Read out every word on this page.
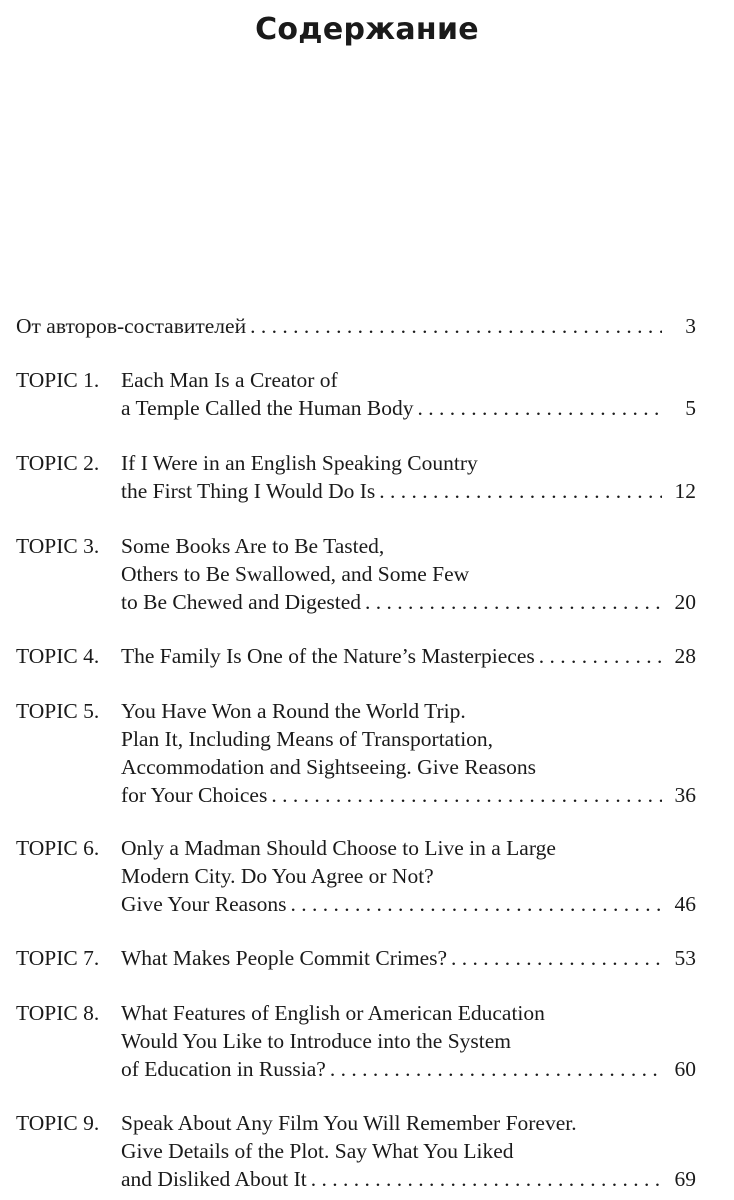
Содержание
От авторов-составителей . . .	3
TOPIC 1. Each Man Is a Creator of
a Temple Called the Human Body . . .	5
TOPIC 2. If I Were in an English Speaking Country
the First Thing I Would Do Is . . .	12
TOPIC 3. Some Books Are to Be Tasted,
Others to Be Swallowed, and Some Few
to Be Chewed and Digested . . .	20
TOPIC 4. The Family Is One of the Nature’s Masterpieces . . .	28
TOPIC 5. You Have Won a Round the World Trip.
Plan It, Including Means of Transportation,
Accommodation and Sightseeing. Give Reasons
for Your Choices . . .	36
TOPIC 6. Only a Madman Should Choose to Live in a Large
Modern City. Do You Agree or Not?
Give Your Reasons . . .	46
TOPIC 7. What Makes People Commit Crimes? . . .	53
TOPIC 8. What Features of English or American Education
Would You Like to Introduce into the System
of Education in Russia? . . .	60
TOPIC 9. Speak About Any Film You Will Remember Forever.
Give Details of the Plot. Say What You Liked
and Disliked About It . . .	69
